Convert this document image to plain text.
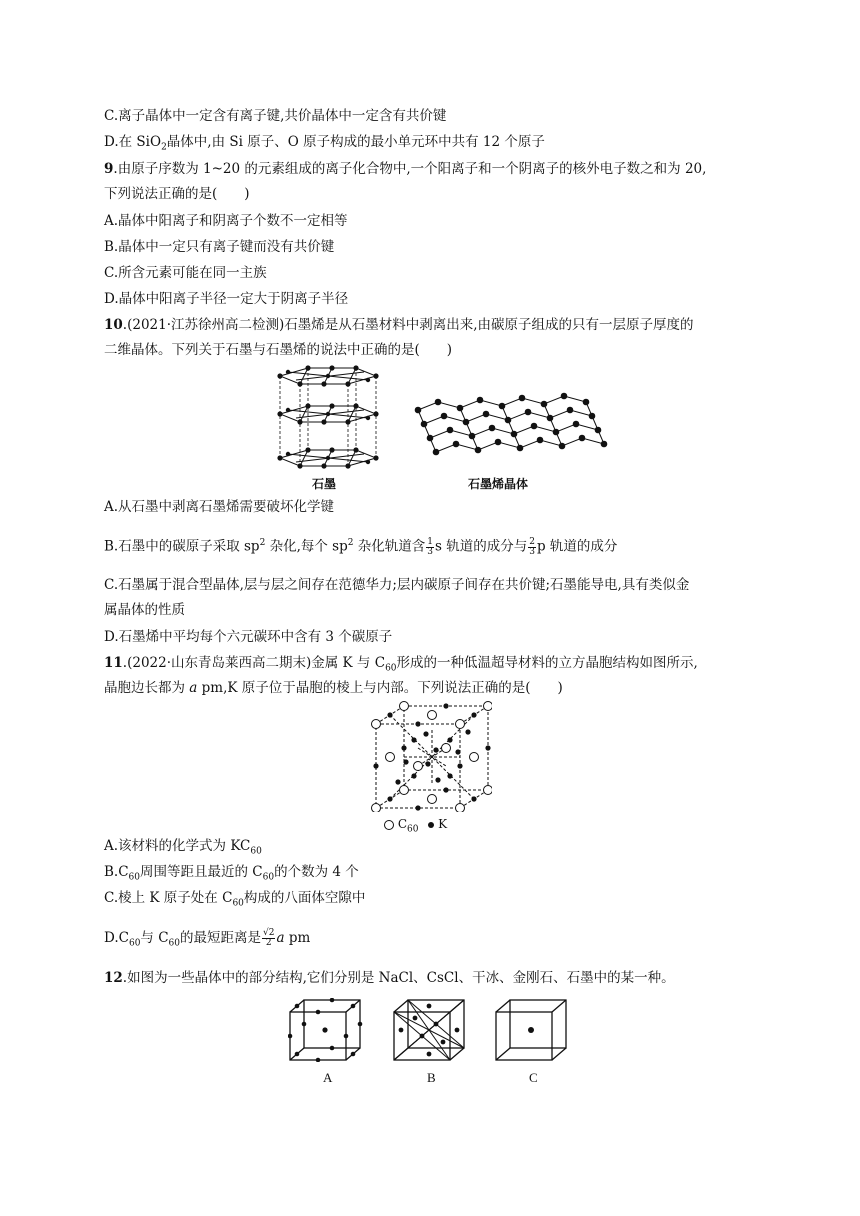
C.离子晶体中一定含有离子键,共价晶体中一定含有共价键
D.在 SiO$_2$晶体中,由 Si 原子、O 原子构成的最小单元环中共有 12 个原子
9.由原子序数为 1~20 的元素组成的离子化合物中,一个阳离子和一个阴离子的核外电子数之和为 20,
下列说法正确的是(　　)
A.晶体中阳离子和阴离子个数不一定相等
B.晶体中一定只有离子键而没有共价键
C.所含元素可能在同一主族
D.晶体中阳离子半径一定大于阴离子半径
10.(2021·江苏徐州高二检测)石墨烯是从石墨材料中剥离出来,由碳原子组成的只有一层原子厚度的
二维晶体。下列关于石墨与石墨烯的说法中正确的是(　　)
石墨	石墨烯晶体
A.从石墨中剥离石墨烯需要破坏化学键
B.石墨中的碳原子采取 $sp^2$ 杂化,每个 $sp^2$ 杂化轨道含 $\frac{1}{3}$ s 轨道的成分与 $\frac{2}{3}$ p 轨道的成分
C.石墨属于混合型晶体,层与层之间存在范德华力;层内碳原子间存在共价键;石墨能导电,具有类似金
属晶体的性质
D.石墨烯中平均每个六元碳环中含有 3 个碳原子
11.(2022·山东青岛莱西高二期末)金属 K 与 $C_{60}$形成的一种低温超导材料的立方晶胞结构如图所示,
晶胞边长都为 a pm,K 原子位于晶胞的棱上与内部。下列说法正确的是(　　)
$C_{60}$ K
A.该材料的化学式为 $KC_{60}$
$B.C_{60}$周围等距且最近的 $C_{60}$的个数为 4 个
C.棱上 K 原子处在 $C_{60}$构成的八面体空隙中
$D.C_{60}$与 $C_{60}$的最短距离是 $\frac{√2}{2}$ a pm
12.如图为一些晶体中的部分结构,它们分别是 NaCl、CsCl、干冰、金刚石、石墨中的某一种。
A	B	C
